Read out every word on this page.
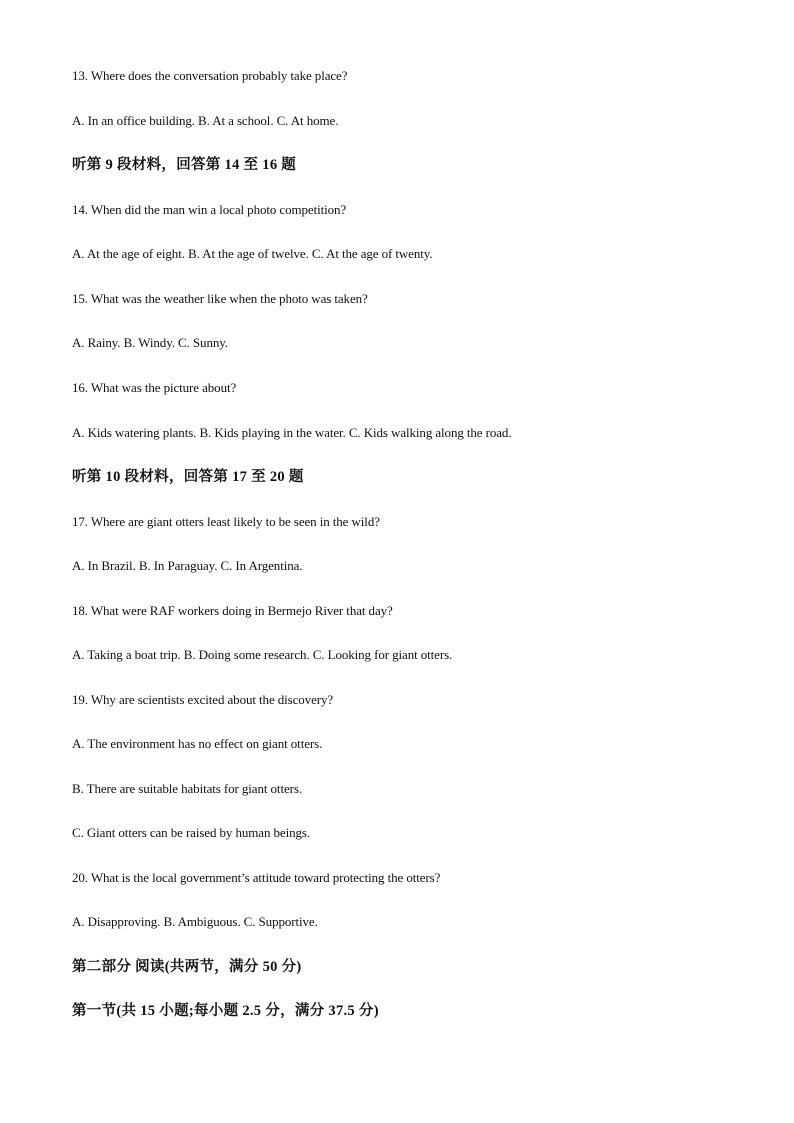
13. Where does the conversation probably take place?
A. In an office building. B. At a school. C. At home.
听第 9 段材料，回答第 14 至 16 题
14. When did the man win a local photo competition?
A. At the age of eight. B. At the age of twelve. C. At the age of twenty.
15. What was the weather like when the photo was taken?
A. Rainy. B. Windy. C. Sunny.
16. What was the picture about?
A. Kids watering plants. B. Kids playing in the water. C. Kids walking along the road.
听第 10 段材料，回答第 17 至 20 题
17. Where are giant otters least likely to be seen in the wild?
A. In Brazil. B. In Paraguay. C. In Argentina.
18. What were RAF workers doing in Bermejo River that day?
A. Taking a boat trip. B. Doing some research. C. Looking for giant otters.
19. Why are scientists excited about the discovery?
A. The environment has no effect on giant otters.
B. There are suitable habitats for giant otters.
C. Giant otters can be raised by human beings.
20. What is the local government’s attitude toward protecting the otters?
A. Disapproving. B. Ambiguous. C. Supportive.
第二部分 阅读(共两节，满分 50 分)
第一节(共 15 小题;每小题 2.5 分，满分 37.5 分)
